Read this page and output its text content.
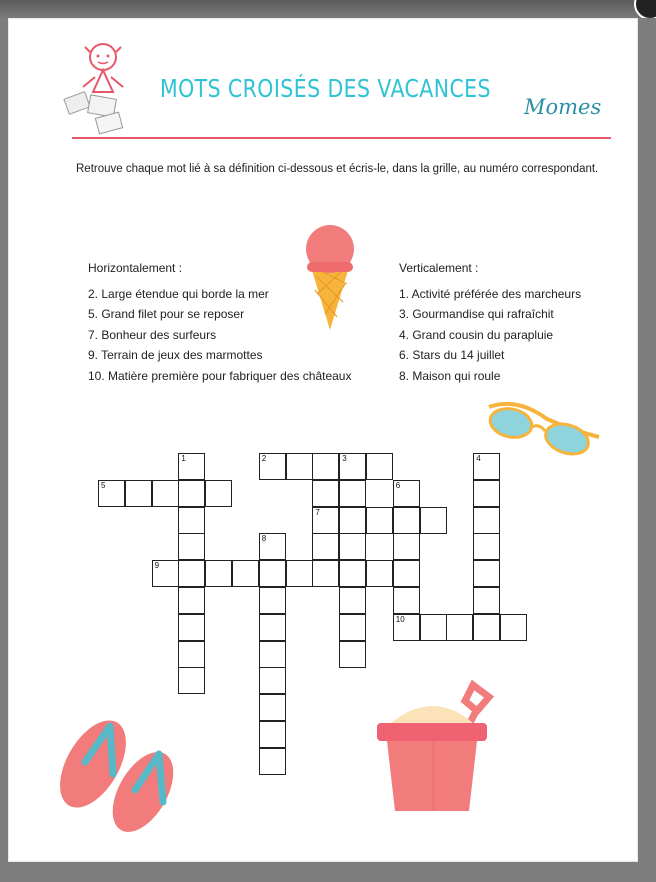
MOTS CROISÉS DES VACANCES
Momes
Retrouve chaque mot lié à sa définition ci-dessous et écris-le, dans la grille, au numéro correspondant.
Horizontalement :
2. Large étendue qui borde la mer
5. Grand filet pour se reposer
7. Bonheur des surfeurs
9. Terrain de jeux des marmottes
10. Matière première pour fabriquer des châteaux
Verticalement :
1. Activité préférée des marcheurs
3. Gourmandise qui rafraîchit
4. Grand cousin du parapluie
6. Stars du 14 juillet
8. Maison qui roule
1	2	3
5
7
4
6
10
8
9
